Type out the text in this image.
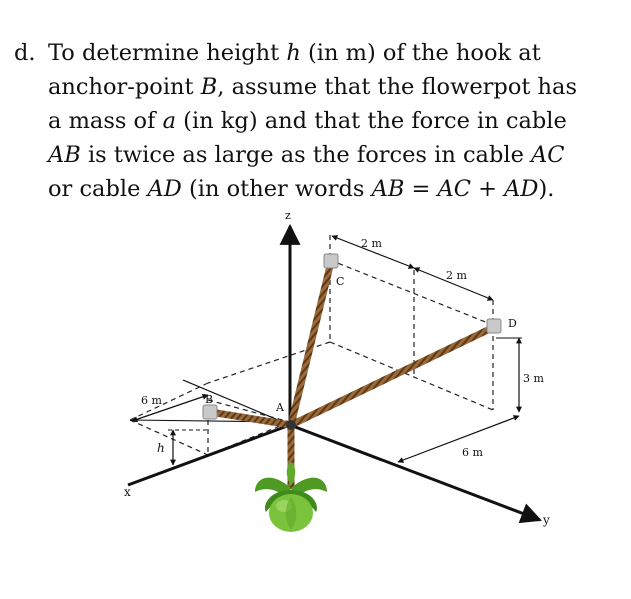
d. To determine height h (in m) of the hook at
anchor-point B, assume that the flowerpot has
a mass of a (in kg) and that the force in cable
AB is twice as large as the forces in cable AC
or cable AD (in other words AB = AC + AD).
z
y
x
2 m
2 m
3 m
6 m
6 m
h
A
B
C
D
